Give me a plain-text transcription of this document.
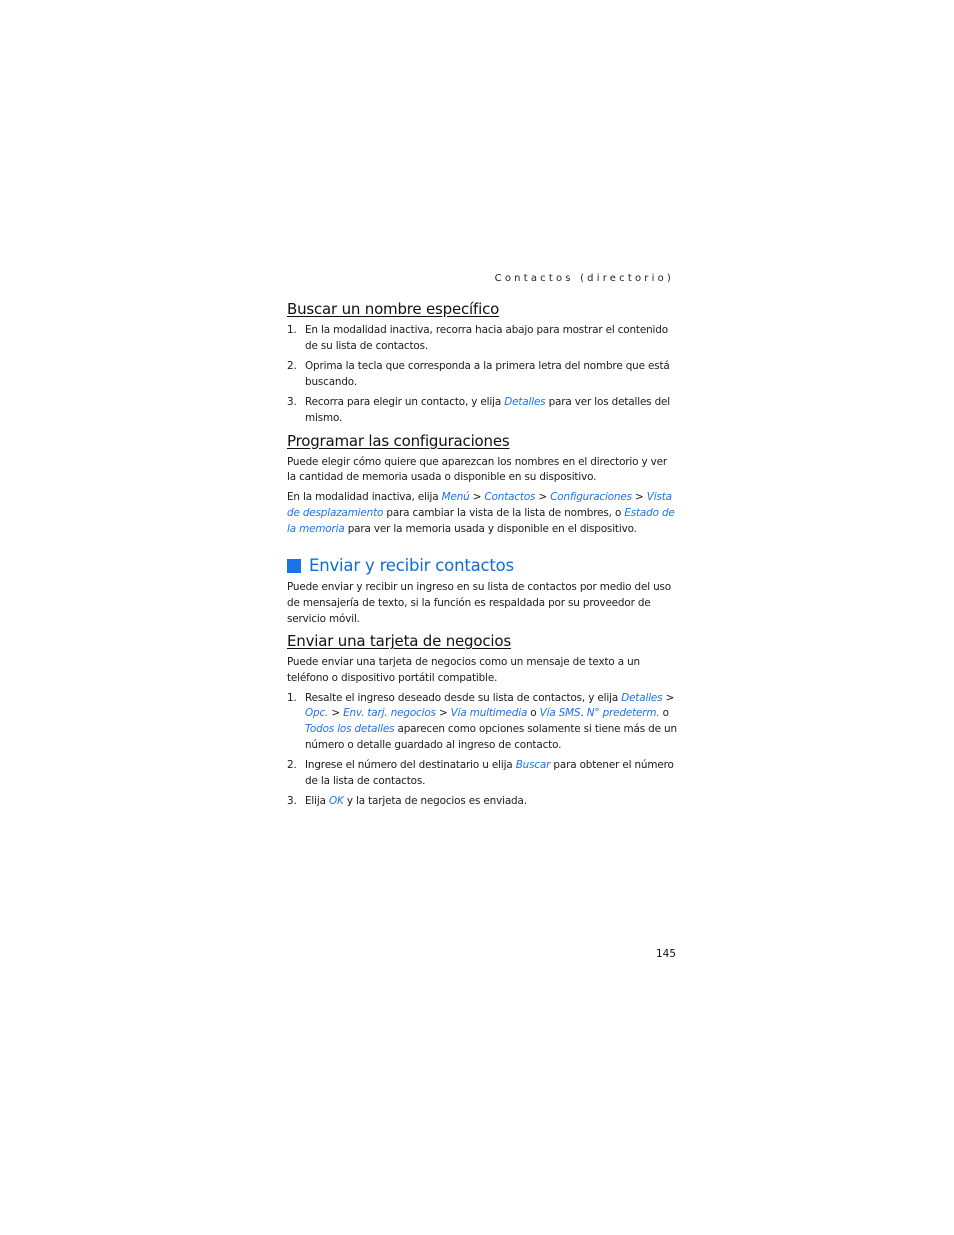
Contactos (directorio)
Buscar un nombre específico
1. En la modalidad inactiva, recorra hacia abajo para mostrar el contenido de su lista de contactos.
2. Oprima la tecla que corresponda a la primera letra del nombre que está buscando.
3. Recorra para elegir un contacto, y elija Detalles para ver los detalles del mismo.
Programar las configuraciones

Puede elegir cómo quiere que aparezcan los nombres en el directorio y ver la cantidad de memoria usada o disponible en su dispositivo.

En la modalidad inactiva, elija Menú > Contactos > Configuraciones > Vista de desplazamiento para cambiar la vista de la lista de nombres, o Estado de la memoria para ver la memoria usada y disponible en el dispositivo.

Enviar y recibir contactos

Puede enviar y recibir un ingreso en su lista de contactos por medio del uso de mensajería de texto, si la función es respaldada por su proveedor de servicio móvil.

Enviar una tarjeta de negocios

Puede enviar una tarjeta de negocios como un mensaje de texto a un teléfono o dispositivo portátil compatible.

1. Resalte el ingreso deseado desde su lista de contactos, y elija Detalles > Opc. > Env. tarj. negocios > Vía multimedia o Vía SMS. N° predeterm. o Todos los detalles aparecen como opciones solamente si tiene más de un número o detalle guardado al ingreso de contacto.
2. Ingrese el número del destinatario u elija Buscar para obtener el número de la lista de contactos.
3. Elija OK y la tarjeta de negocios es enviada.
145
